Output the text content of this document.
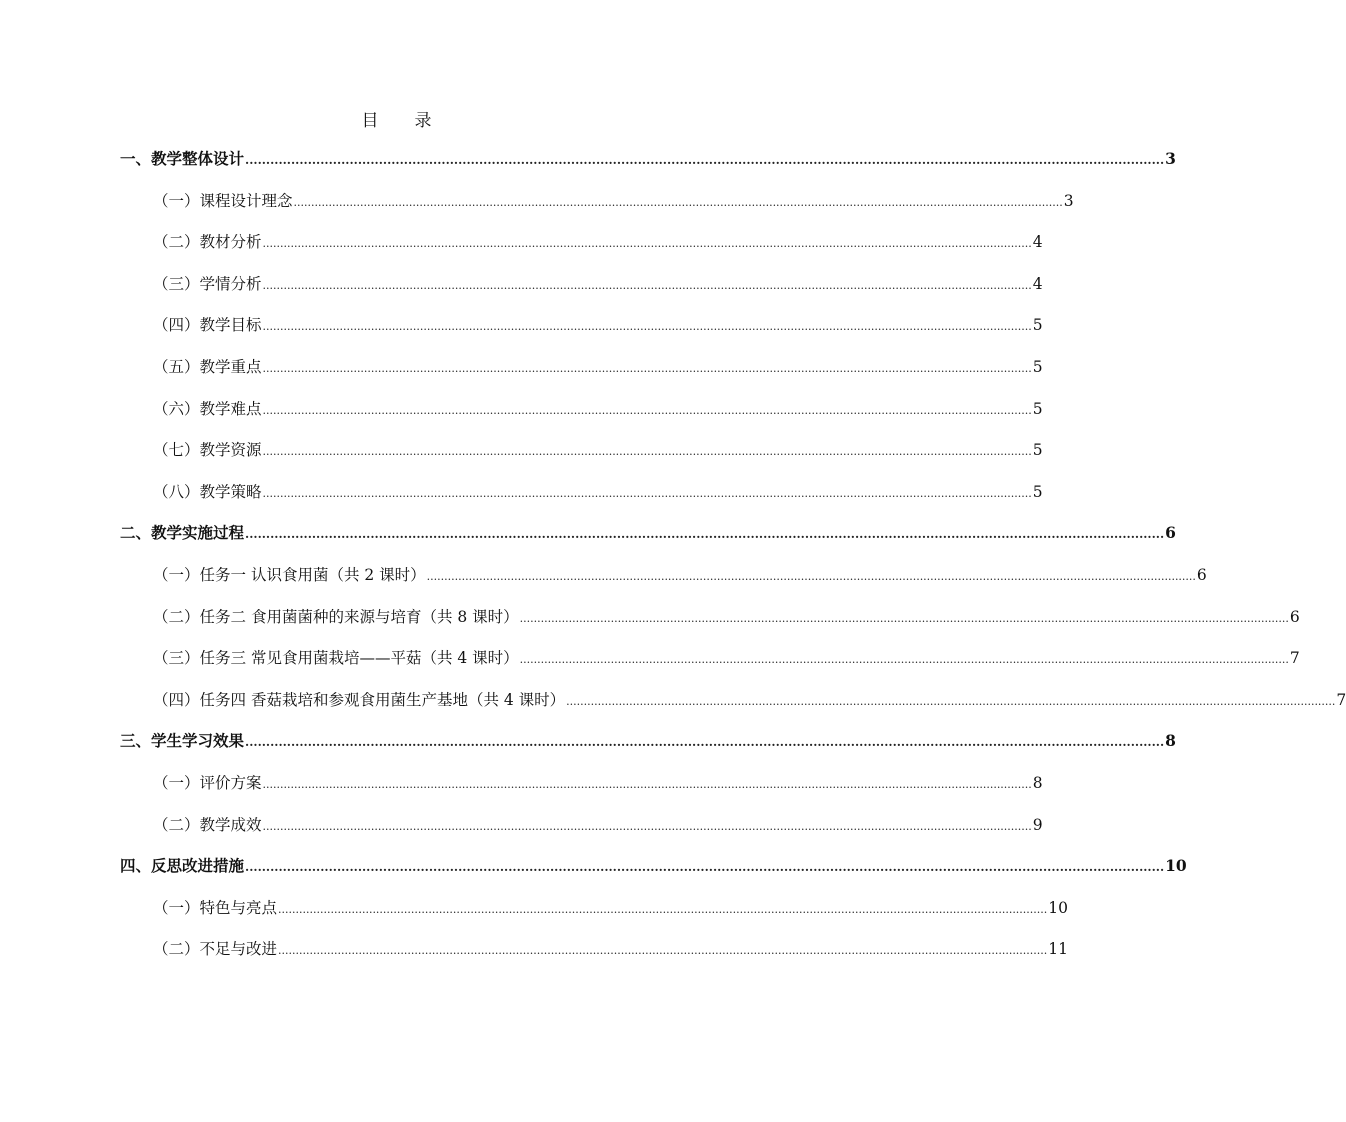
目 录
一、 教学整体设计 ............................................................................................................................................................................................................................ 3
（一） 课程设计理念 ............................................................................................................................................................................................................................ 3
（二） 教材分析 ............................................................................................................................................................................................................................ 4
（三） 学情分析 ............................................................................................................................................................................................................................ 4
（四） 教学目标 ............................................................................................................................................................................................................................ 5
（五） 教学重点 ............................................................................................................................................................................................................................ 5
（六） 教学难点 ............................................................................................................................................................................................................................ 5
（七） 教学资源 ............................................................................................................................................................................................................................ 5
（八） 教学策略 ............................................................................................................................................................................................................................ 5
二、 教学实施过程 ............................................................................................................................................................................................................................ 6
（一） 任务一 认识食用菌（共 2 课时） ............................................................................................................................................................................................................................ 6
（二） 任务二 食用菌菌种的来源与培育（共 8 课时） ............................................................................................................................................................................................................................ 6
（三） 任务三 常见食用菌栽培——平菇（共 4 课时） ............................................................................................................................................................................................................................ 7
（四） 任务四 香菇栽培和参观食用菌生产基地（共 4 课时） ............................................................................................................................................................................................................................ 7
三、 学生学习效果 ............................................................................................................................................................................................................................ 8
（一） 评价方案 ............................................................................................................................................................................................................................ 8
（二） 教学成效 ............................................................................................................................................................................................................................ 9
四、 反思改进措施 ............................................................................................................................................................................................................................ 10
（一） 特色与亮点 ............................................................................................................................................................................................................................ 10
（二） 不足与改进 ............................................................................................................................................................................................................................ 11
